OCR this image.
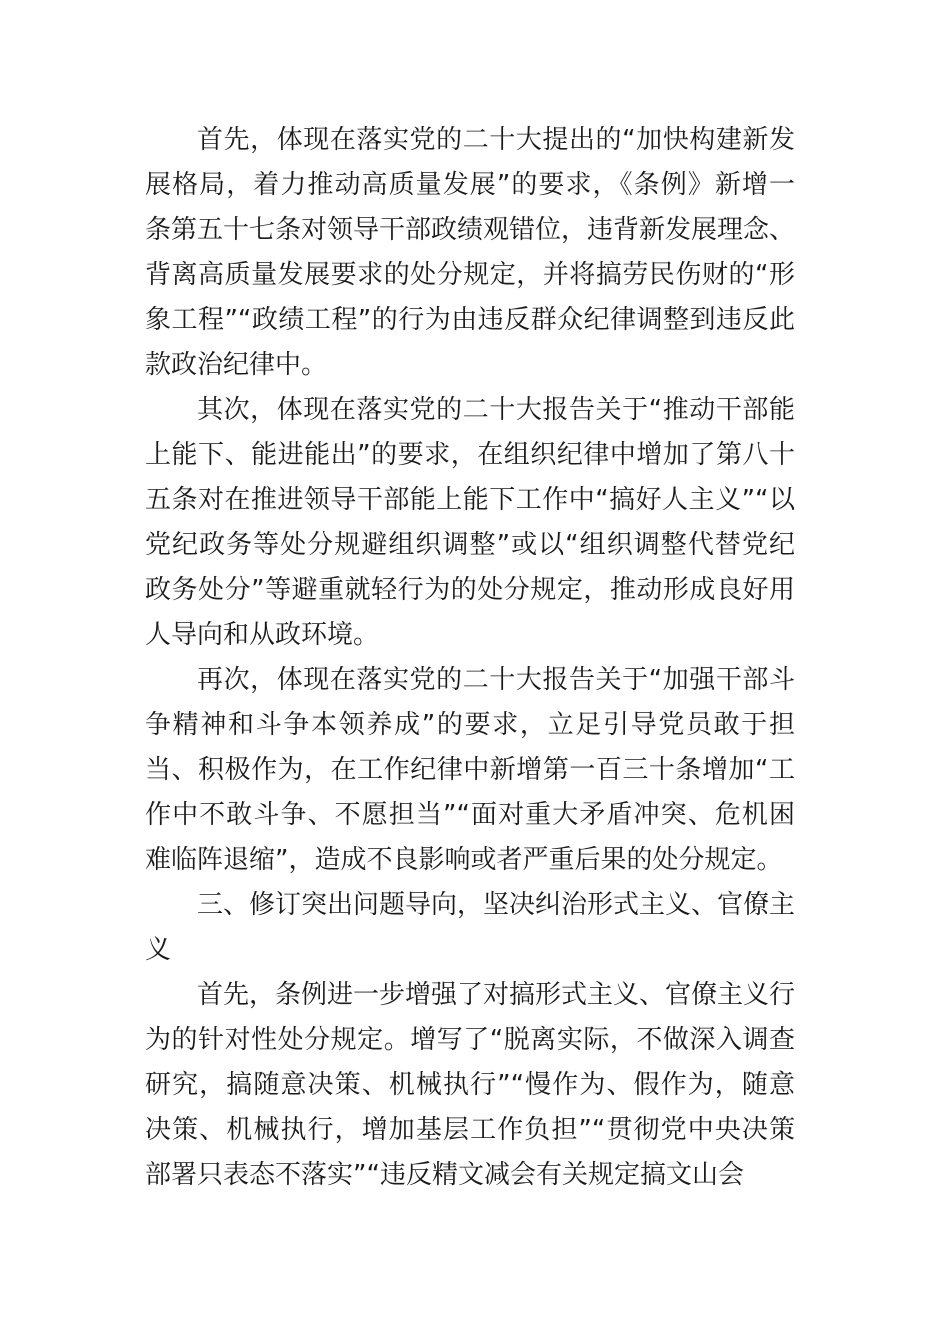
首先，体现在落实党的二十大提出的“加快构建新发展格局，着力推动高质量发展”的要求，《条例》新增一条第五十七条对领导干部政绩观错位，违背新发展理念、背离高质量发展要求的处分规定，并将搞劳民伤财的“形象工程”“政绩工程”的行为由违反群众纪律调整到违反此款政治纪律中。

其次，体现在落实党的二十大报告关于“推动干部能上能下、能进能出”的要求，在组织纪律中增加了第八十五条对在推进领导干部能上能下工作中“搞好人主义”“以党纪政务等处分规避组织调整”或以“组织调整代替党纪政务处分”等避重就轻行为的处分规定，推动形成良好用人导向和从政环境。

再次，体现在落实党的二十大报告关于“加强干部斗争精神和斗争本领养成”的要求，立足引导党员敢于担当、积极作为，在工作纪律中新增第一百三十条增加“工作中不敢斗争、不愿担当”“面对重大矛盾冲突、危机困难临阵退缩”，造成不良影响或者严重后果的处分规定。

三、修订突出问题导向，坚决纠治形式主义、官僚主义

首先，条例进一步增强了对搞形式主义、官僚主义行为的针对性处分规定。增写了“脱离实际，不做深入调查研究，搞随意决策、机械执行”“慢作为、假作为，随意决策、机械执行，增加基层工作负担”“贯彻党中央决策部署只表态不落实”“违反精文减会有关规定搞文山会
